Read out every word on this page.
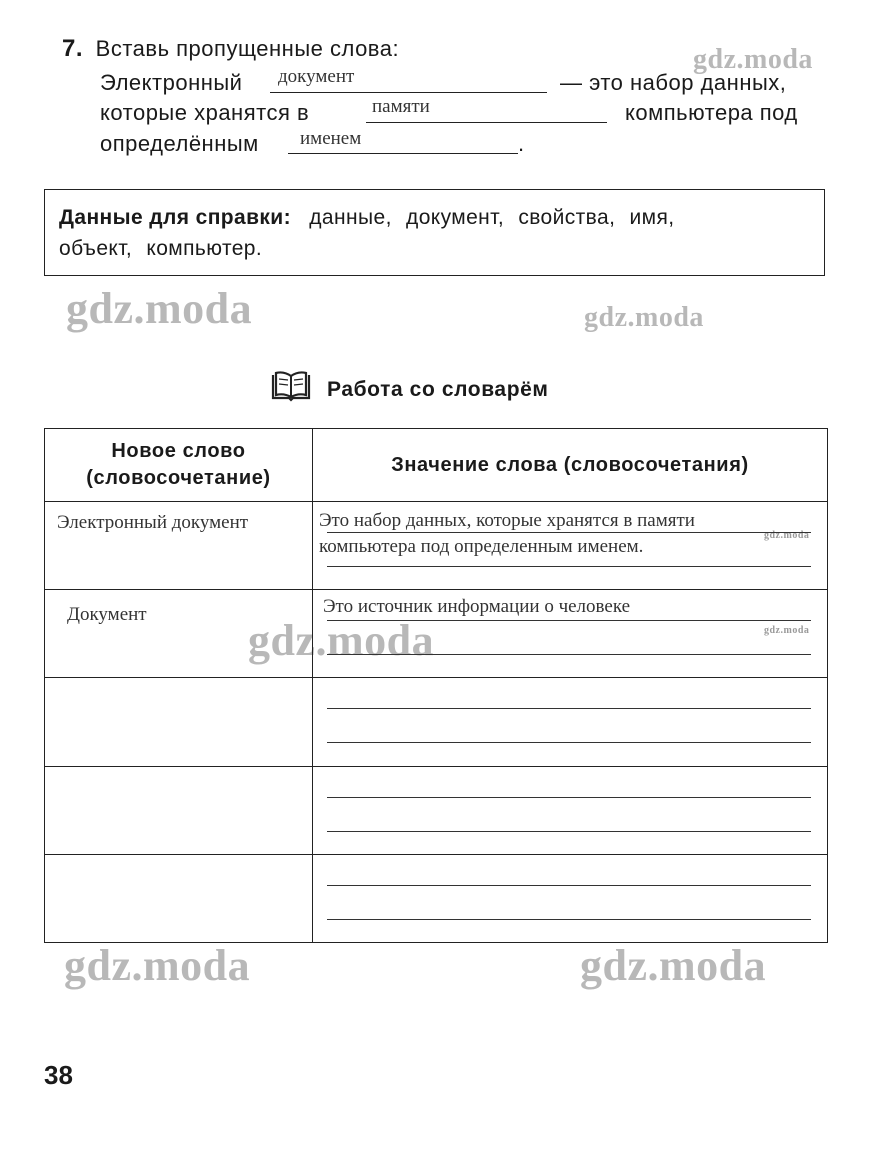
7. Вставь пропущенные слова:
Электронный документ	— это набор данных,
которые хранятся в	памяти	компьютера под
определённым именем	.
Данные для справки: данные, документ, свойства, имя,
объект, компьютер.
gdz.moda
gdz.moda	gdz.moda
gdz.moda
gdz.moda	gdz.moda
gdz.moda
gdz.moda
Работа со словарём
Новое слово
(словосочетание)	Значение слова (словосочетания)

Электронный документ	Это набор данных, которые хранятся в памяти
компьютера под определенным именем.

Документ	Это источник информации о человеке

38
